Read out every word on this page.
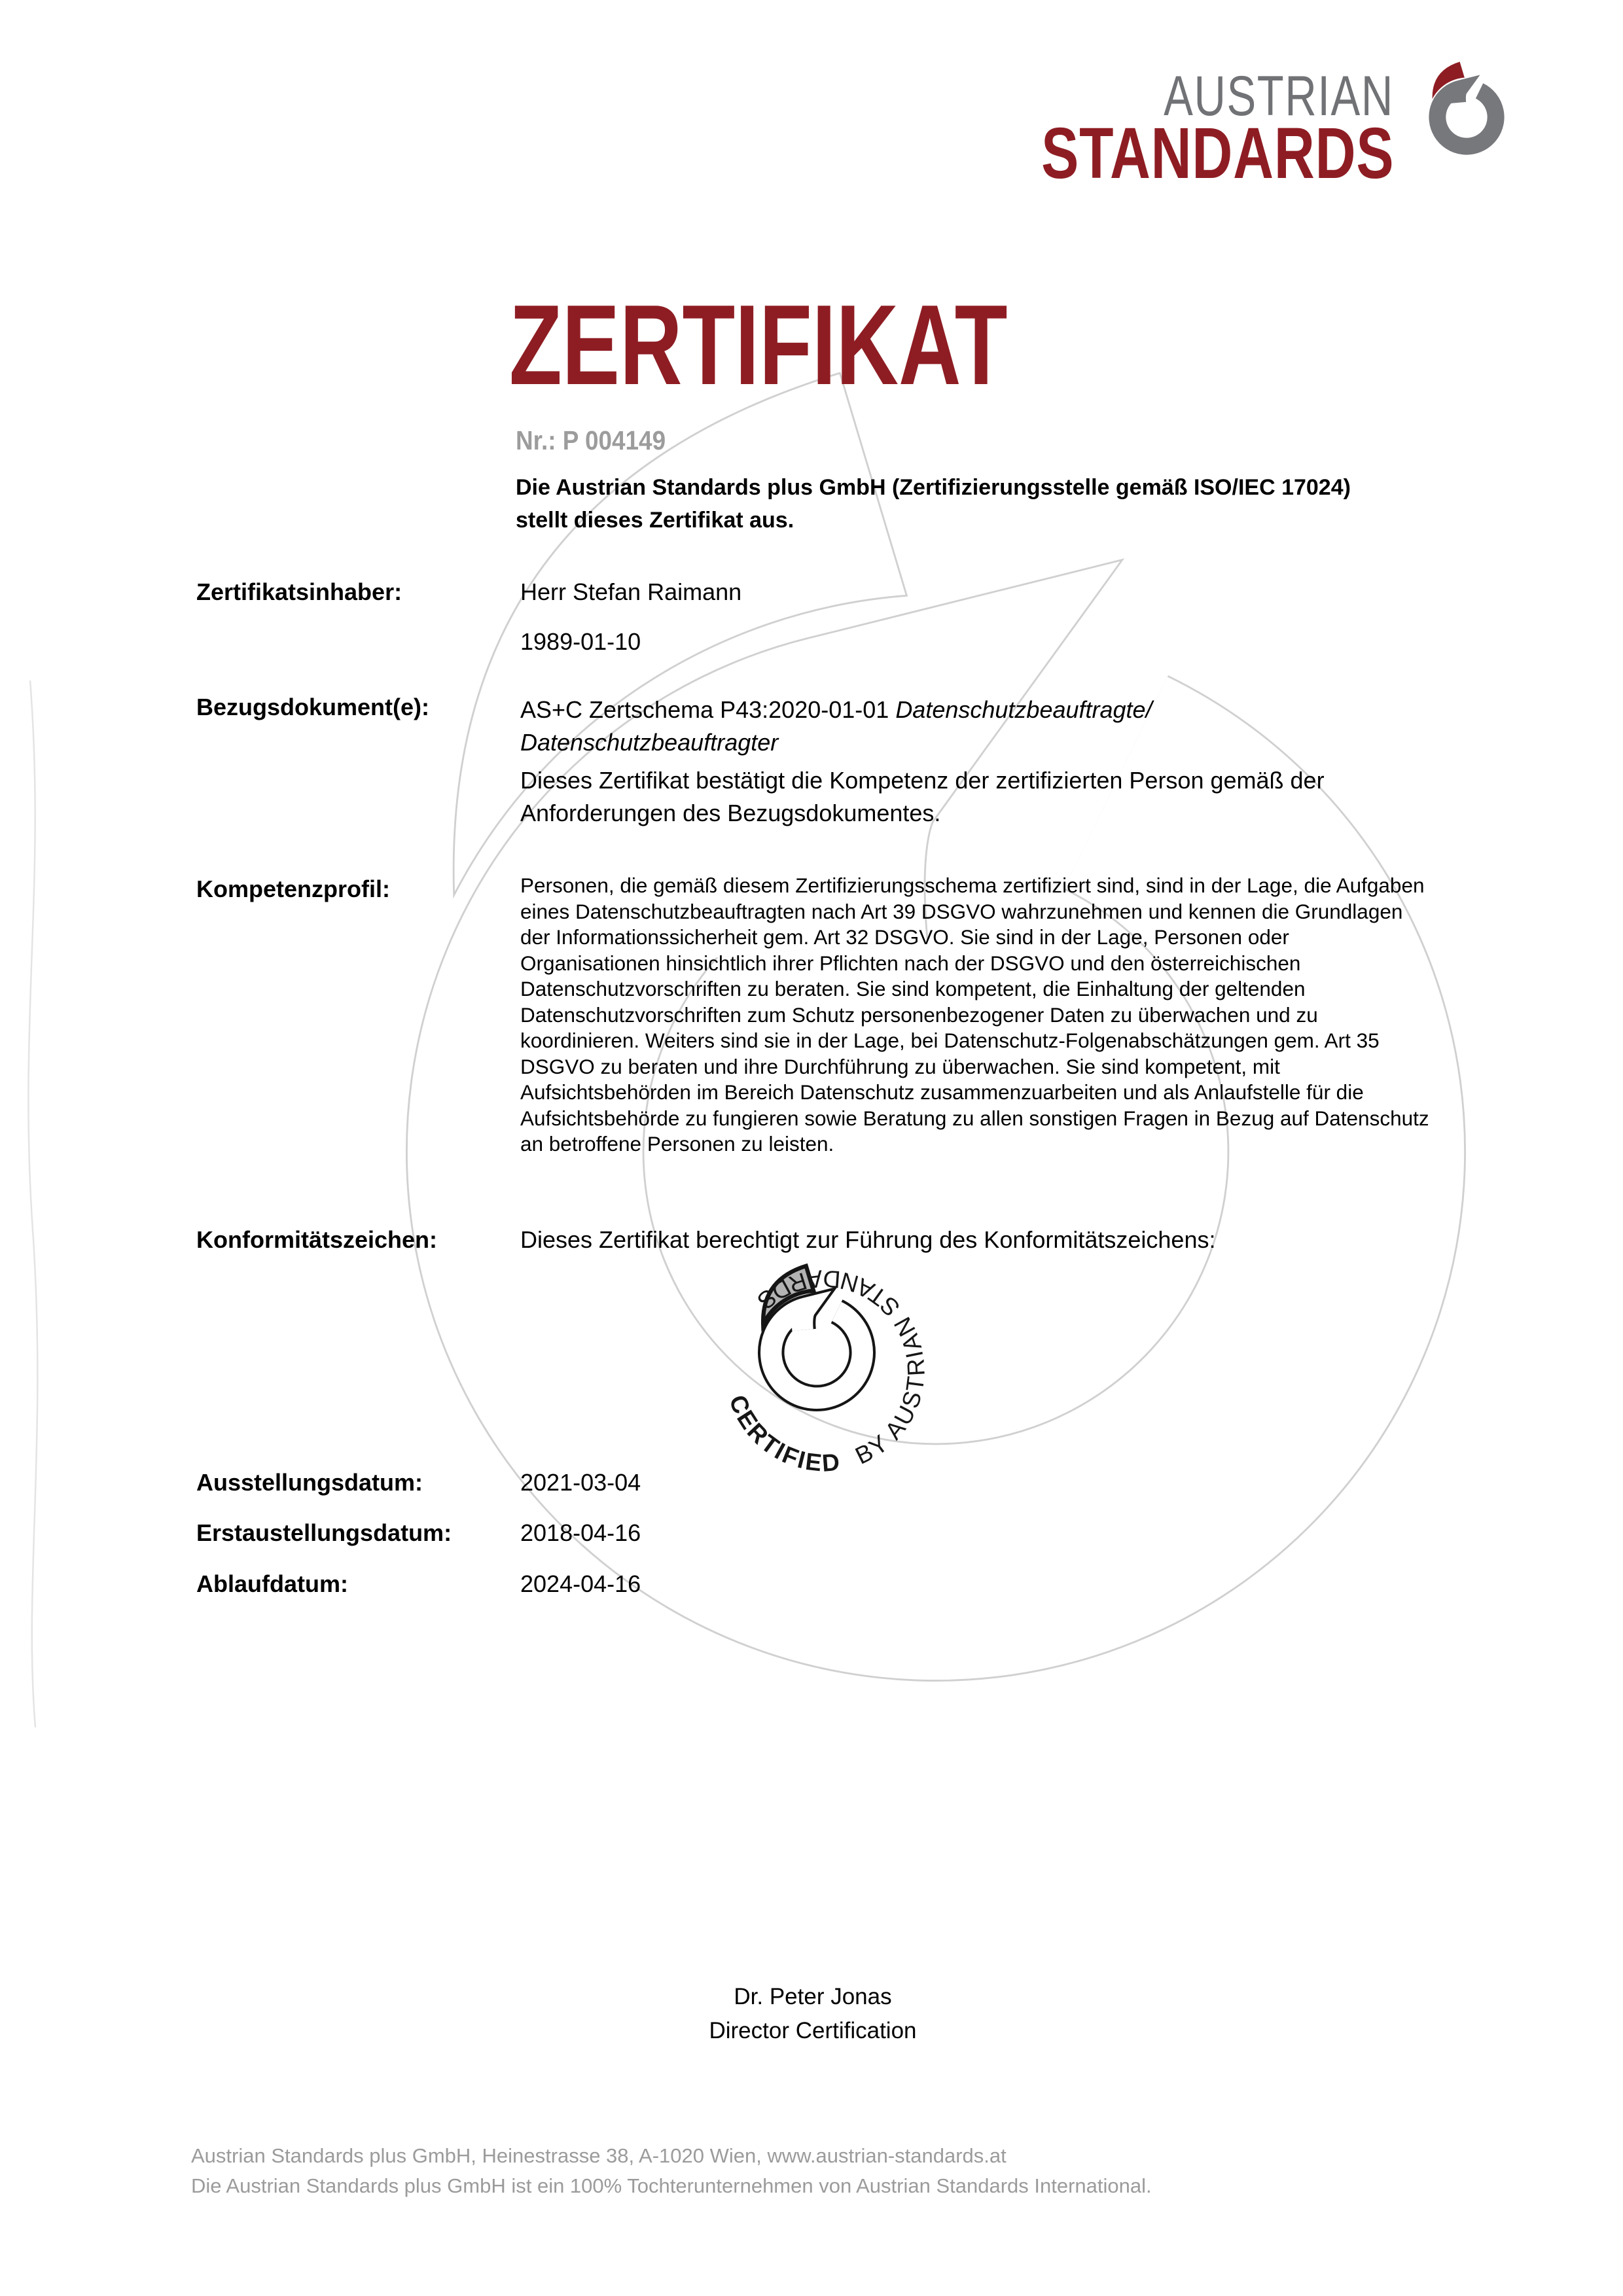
AUSTRIAN
STANDARDS
ZERTIFIKAT
Nr.: P 004149
Die Austrian Standards plus GmbH (Zertifizierungsstelle gemäß ISO/IEC 17024)
stellt dieses Zertifikat aus.
Zertifikatsinhaber:	Herr Stefan Raimann
1989-01-10
Bezugsdokument(e):	AS+C Zertschema P43:2020-01-01 Datenschutzbeauftragte/
Datenschutzbeauftragter
Dieses Zertifikat bestätigt die Kompetenz der zertifizierten Person gemäß der Anforderungen des Bezugsdokumentes.
Kompetenzprofil:	Personen, die gemäß diesem Zertifizierungsschema zertifiziert sind, sind in der Lage, die Aufgaben eines Datenschutzbeauftragten nach Art 39 DSGVO wahrzunehmen und kennen die Grundlagen der Informationssicherheit gem. Art 32 DSGVO. Sie sind in der Lage, Personen oder Organisationen hinsichtlich ihrer Pflichten nach der DSGVO und den österreichischen Datenschutzvorschriften zu beraten. Sie sind kompetent, die Einhaltung der geltenden Datenschutzvorschriften zum Schutz personenbezogener Daten zu überwachen und zu koordinieren. Weiters sind sie in der Lage, bei Datenschutz-Folgenabschätzungen gem. Art 35 DSGVO zu beraten und ihre Durchführung zu überwachen. Sie sind kompetent, mit Aufsichtsbehörden im Bereich Datenschutz zusammenzuarbeiten und als Anlaufstelle für die Aufsichtsbehörde zu fungieren sowie Beratung zu allen sonstigen Fragen in Bezug auf Datenschutz an betroffene Personen zu leisten.
Konformitätszeichen:	Dieses Zertifikat berechtigt zur Führung des Konformitätszeichens:
CERTIFIED BY AUSTRIAN STANDARDS
Ausstellungsdatum:	2021-03-04
Erstaustellungsdatum:	2018-04-16
Ablaufdatum:	2024-04-16
Dr. Peter Jonas
Director Certification
Austrian Standards plus GmbH, Heinestrasse 38, A-1020 Wien, www.austrian-standards.at
Die Austrian Standards plus GmbH ist ein 100% Tochterunternehmen von Austrian Standards International.
